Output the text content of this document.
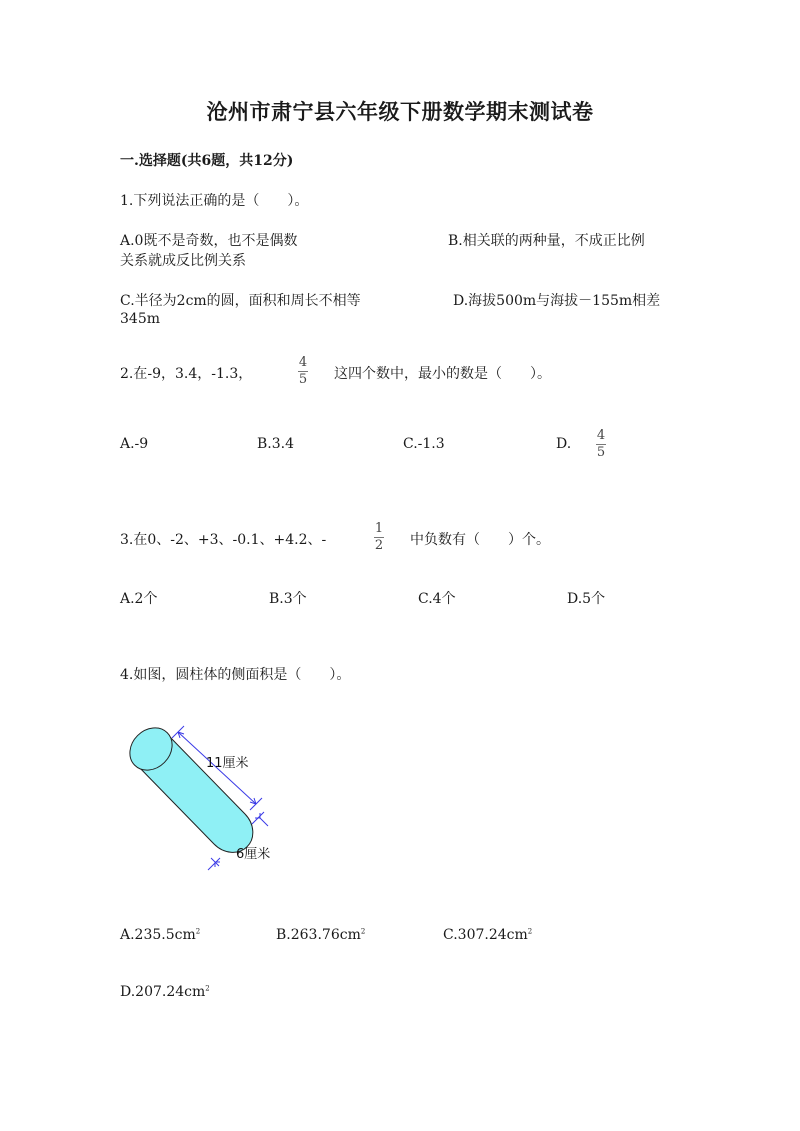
沧州市肃宁县六年级下册数学期末测试卷
一.选择题(共6题，共12分)
1.下列说法正确的是（　　）。
A.0既不是奇数，也不是偶数	B.相关联的两种量，不成正比例
关系就成反比例关系
C.半径为2cm的圆，面积和周长不相等	D.海拔500m与海拔－155m相差
345m
2.在-9，3.4，-1.3，
4
5 这四个数中，最小的数是（　　）。
A.-9	B.3.4	C.-1.3	D.
4
5
3.在0、-2、+3、-0.1、+4.2、-
1
2 中负数有（　　）个。
A.2个	B.3个	C.4个	D.5个
4.如图，圆柱体的侧面积是（　　）。
11厘米
6厘米
$A.235.5cm^2$	$B.263.76cm^2$	$C.307.24cm^2$
$D.207.24cm^2$
